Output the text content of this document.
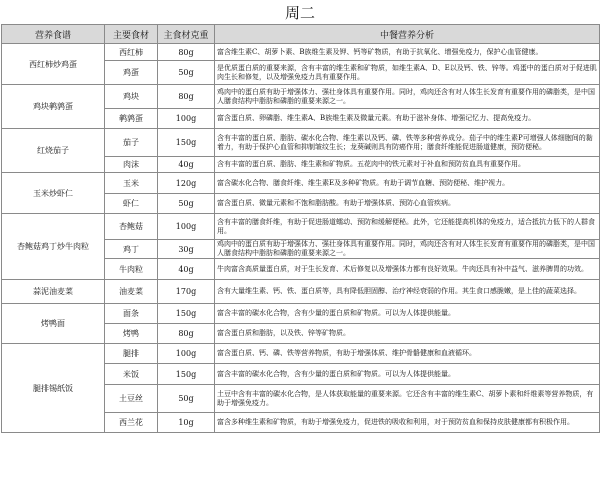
周二
营养食谱	主要食材	主食材克重	中餐营养分析
西红柿炒鸡蛋	西红柿	80g	富含维生素C、胡萝卜素、B族维生素及钾、钙等矿物质，有助于抗氧化、增强免疫力，保护心血管健康。
	鸡蛋	50g	是优质蛋白质的重要来源，含有丰富的维生素和矿物质，如维生素A、D、E以及钙、铁、锌等。鸡蛋中的蛋白质对于促进肌肉生长和修复，以及增强免疫力具有重要作用。
鸡块鹌鹑蛋	鸡块	80g	鸡肉中的蛋白质有助于增强体力、强壮身体具有重要作用。同时，鸡肉还含有对人体生长发育有重要作用的磷脂类，是中国人膳食结构中脂肪和磷脂的重要来源之一。
	鹌鹑蛋	100g	富含蛋白质、卵磷脂、维生素A、B族维生素及微量元素。有助于滋补身体、增强记忆力、提高免疫力。
红烧茄子	茄子	150g	含有丰富的蛋白质、脂肪、碳水化合物、维生素以及钙、磷、铁等多种营养成分。茄子中的维生素P可增强人体细胞间的黏着力，有助于保护心血管和抑制皱纹生长；龙葵碱则具有防癌作用；膳食纤维能促进肠道健康，预防便秘。
	肉沫	40g	含有丰富的蛋白质、脂肪、维生素和矿物质。五花肉中的铁元素对于补血和预防贫血具有重要作用。
玉米炒虾仁	玉米	120g	富含碳水化合物、膳食纤维、维生素E及多种矿物质。有助于调节血糖、预防便秘、维护视力。
	虾仁	50g	富含蛋白质、微量元素和不饱和脂肪酸。有助于增强体质、预防心血管疾病。
杏鲍菇鸡丁炒牛肉粒	杏鲍菇	100g	含有丰富的膳食纤维，有助于促进肠道蠕动、预防和缓解便秘。此外，它还能提高机体的免疫力，适合抵抗力低下的人群食用。
	鸡丁	30g	鸡肉中的蛋白质有助于增强体力、强壮身体具有重要作用。同时，鸡肉还含有对人体生长发育有重要作用的磷脂类，是中国人膳食结构中脂肪和磷脂的重要来源之一。
	牛肉粒	40g	牛肉富含高质量蛋白质，对于生长发育、术后修复以及增强体力都有良好效果。牛肉还具有补中益气、滋养脾胃的功效。
蒜泥油麦菜	油麦菜	170g	含有大量维生素、钙、铁、蛋白质等，具有降低胆固醇、治疗神经衰弱的作用。其生食口感脆嫩，是上佳的蔬菜选择。
烤鸭面	面条	150g	富含丰富的碳水化合物，含有少量的蛋白质和矿物质。可以为人体提供能量。
	烤鸭	80g	富含蛋白质和脂肪，以及铁、锌等矿物质。
腿排锡纸饭	腿排	100g	富含蛋白质、钙、磷、铁等营养物质，有助于增强体质、维护骨骼健康和血液循环。
	米饭	150g	富含丰富的碳水化合物，含有少量的蛋白质和矿物质。可以为人体提供能量。
	土豆丝	50g	土豆中含有丰富的碳水化合物，是人体获取能量的重要来源。它还含有丰富的维生素C、胡萝卜素和纤维素等营养物质，有助于增强免疫力。
	西兰花	10g	富含多种维生素和矿物质，有助于增强免疫力，促进铁的吸收和利用，对于预防贫血和保持皮肤健康都有积极作用。
